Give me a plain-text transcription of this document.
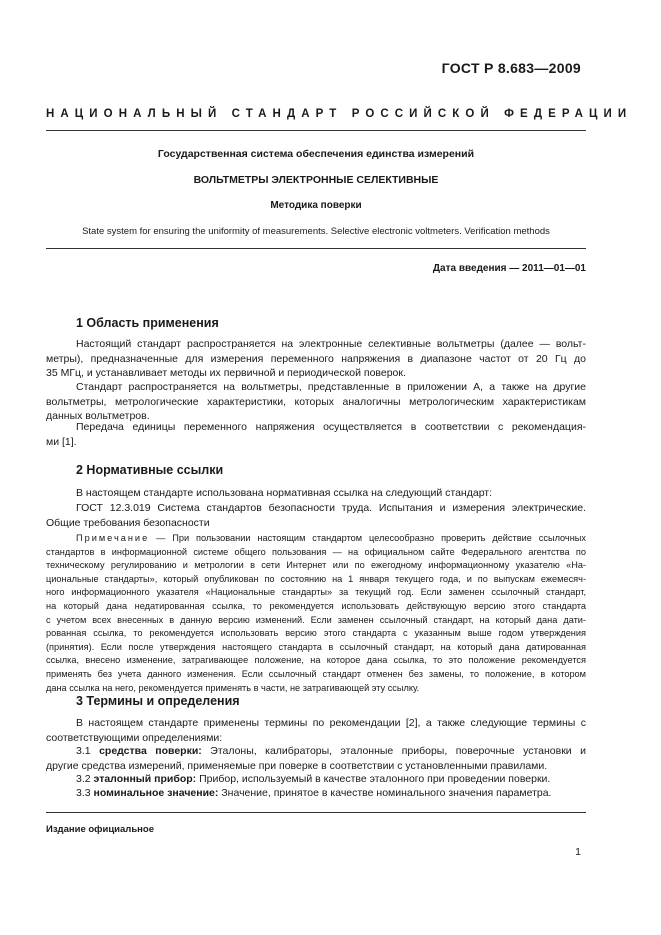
ГОСТ Р 8.683—2009
НАЦИОНАЛЬНЫЙ СТАНДАРТ РОССИЙСКОЙ ФЕДЕРАЦИИ
Государственная система обеспечения единства измерений
ВОЛЬТМЕТРЫ ЭЛЕКТРОННЫЕ СЕЛЕКТИВНЫЕ
Методика поверки
State system for ensuring the uniformity of measurements. Selective electronic voltmeters. Verification methods
Дата введения — 2011—01—01
1 Область применения
Настоящий стандарт распространяется на электронные селективные вольтметры (далее — вольт-
метры), предназначенные для измерения переменного напряжения в диапазоне частот от 20 Гц до
35 МГц, и устанавливает методы их первичной и периодической поверок.
Стандарт распространяется на вольтметры, представленные в приложении А, а также на другие
вольтметры, метрологические характеристики, которых аналогичны метрологическим характеристикам
данных вольтметров.
Передача единицы переменного напряжения осуществляется в соответствии с рекомендация-
ми [1].
2 Нормативные ссылки
В настоящем стандарте использована нормативная ссылка на следующий стандарт:
ГОСТ 12.3.019 Система стандартов безопасности труда. Испытания и измерения электрические.
Общие требования безопасности
Примечание — При пользовании настоящим стандартом целесообразно проверить действие ссылочных
стандартов в информационной системе общего пользования — на официальном сайте Федерального агентства по
техническому регулированию и метрологии в сети Интернет или по ежегодному информационному указателю «На-
циональные стандарты», который опубликован по состоянию на 1 января текущего года, и по выпускам ежемесяч-
ного информационного указателя «Национальные стандарты» за текущий год. Если заменен ссылочный стандарт,
на который дана недатированная ссылка, то рекомендуется использовать действующую версию этого стандарта
с учетом всех внесенных в данную версию изменений. Если заменен ссылочный стандарт, на который дана дати-
рованная ссылка, то рекомендуется использовать версию этого стандарта с указанным выше годом утверждения
(принятия). Если после утверждения настоящего стандарта в ссылочный стандарт, на который дана датированная
ссылка, внесено изменение, затрагивающее положение, на которое дана ссылка, то это положение рекомендуется
применять без учета данного изменения. Если ссылочный стандарт отменен без замены, то положение, в котором
дана ссылка на него, рекомендуется применять в части, не затрагивающей эту ссылку.
3 Термины и определения
В настоящем стандарте применены термины по рекомендации [2], а также следующие термины с
соответствующими определениями:
3.1 средства поверки: Эталоны, калибраторы, эталонные приборы, поверочные установки и
другие средства измерений, применяемые при поверке в соответствии с установленными правилами.
3.2 эталонный прибор: Прибор, используемый в качестве эталонного при проведении поверки.
3.3 номинальное значение: Значение, принятое в качестве номинального значения параметра.
Издание официальное
1
